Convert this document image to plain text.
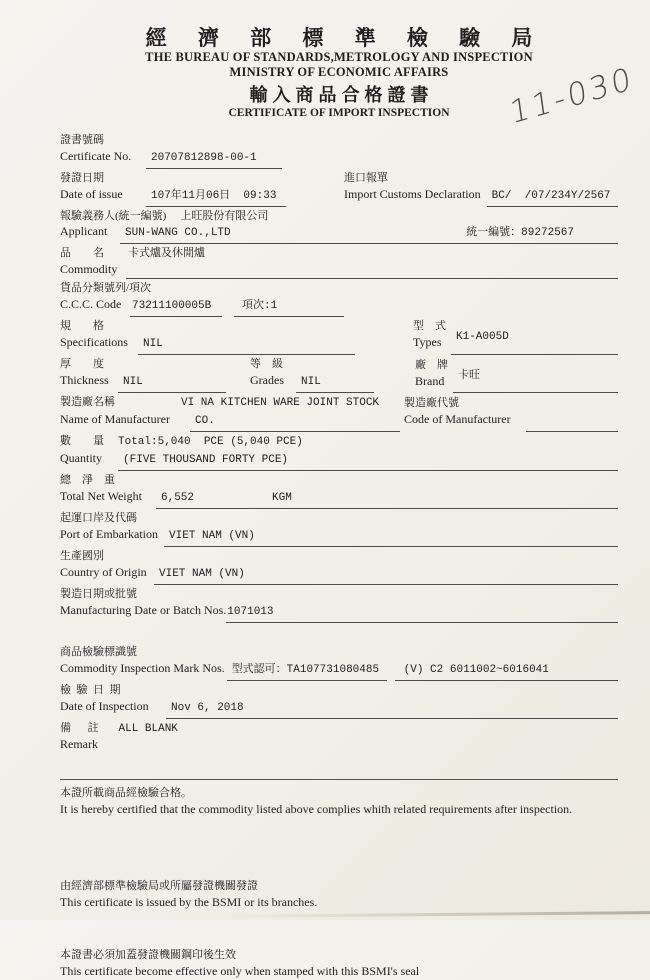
經 濟 部 標 準 檢 驗 局
THE BUREAU OF STANDARDS,METROLOGY AND INSPECTION
MINISTRY OF ECONOMIC AFFAIRS
輸入商品合格證書
CERTIFICATE OF IMPORT INSPECTION	11-030
證書號碼
Certificate No.	20707812898-00-1
發證日期
Date of issue	107年11月06日  09:33
進口報單
Import Customs Declaration	BC/  /07/234Y/2567
報驗義務人(統一編號) 上旺股份有限公司
Applicant	SUN-WANG CO.,LTD	統一編號：89272567
品　　名 卡式爐及休閒爐
Commodity

貨品分類號列/項次
C.C.C. Code 73211100005B	項次:1
規　　格
Specifications	NIL
型　式
Types	K1-A005D
厚　　度
Thickness	NIL
等　級
Grades	NIL
廠　牌
Brand	卡旺
製造廠名稱	VI NA KITCHEN WARE JOINT STOCK
Name of Manufacturer	CO.
製造廠代號
Code of Manufacturer

數　　量 Total:5,040  PCE (5,040 PCE)
Quantity	(FIVE THOUSAND FORTY PCE)
總　淨　重
Total Net Weight	6,552	KGM
起運口岸及代碼
Port of Embarkation	VIET NAM (VN)
生產國別
Country of Origin	VIET NAM (VN)
製造日期或批號
Manufacturing Date or Batch Nos. 1071013
商品檢驗標識號
Commodity Inspection Mark Nos. 型式認可：TA107731080485	(V) C2 6011002~6016041
檢  驗  日  期
Date of Inspection	Nov 6, 2018
備      註 ALL BLANK
Remark
本證所載商品經檢驗合格。
It is hereby certified that the commodity listed above complies whith related requirements after inspection.
由經濟部標準檢驗局或所屬發證機關發證
This certificate is issued by the BSMI or its branches.
本證書必須加蓋發證機關鋼印後生效
This certificate become effective only when stamped with this BSMI's seal
